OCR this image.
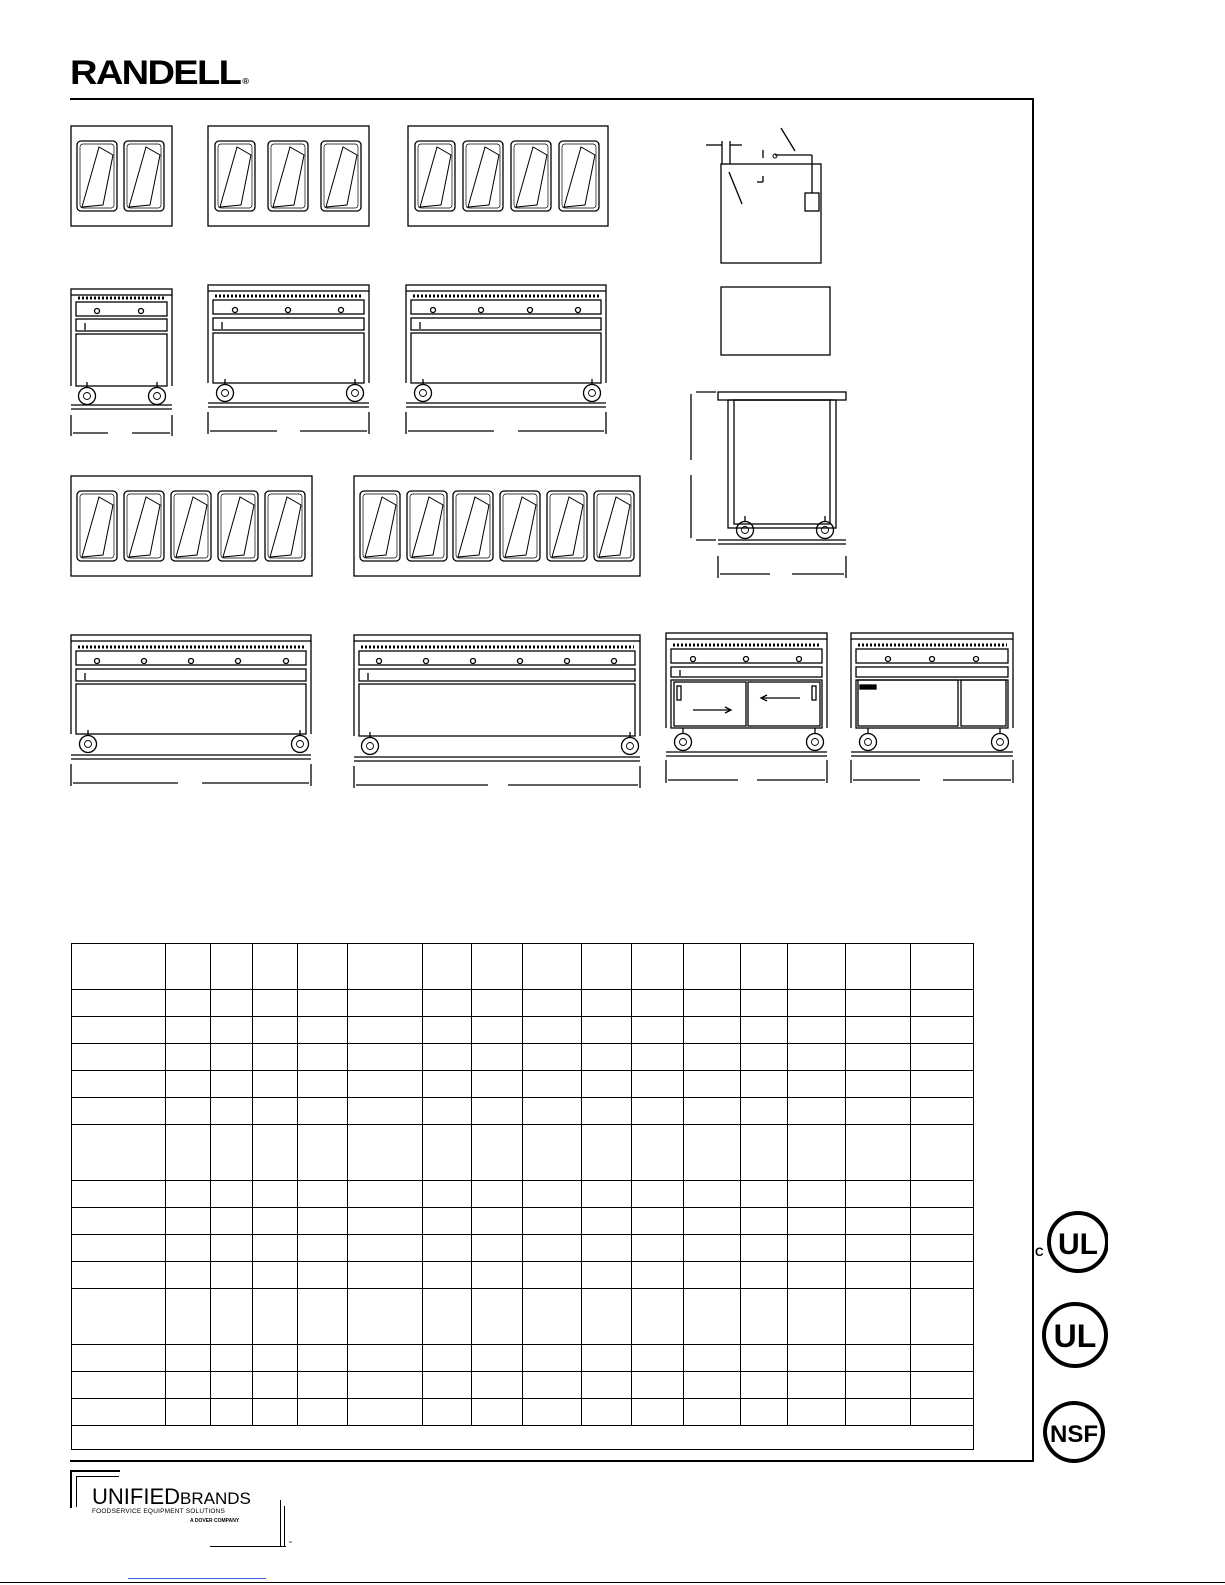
RANDELL ®

C UL
UL
NSF
UNIFIEDBRANDS
FOODSERVICE EQUIPMENT SOLUTIONS
A DOVER COMPANY
™
